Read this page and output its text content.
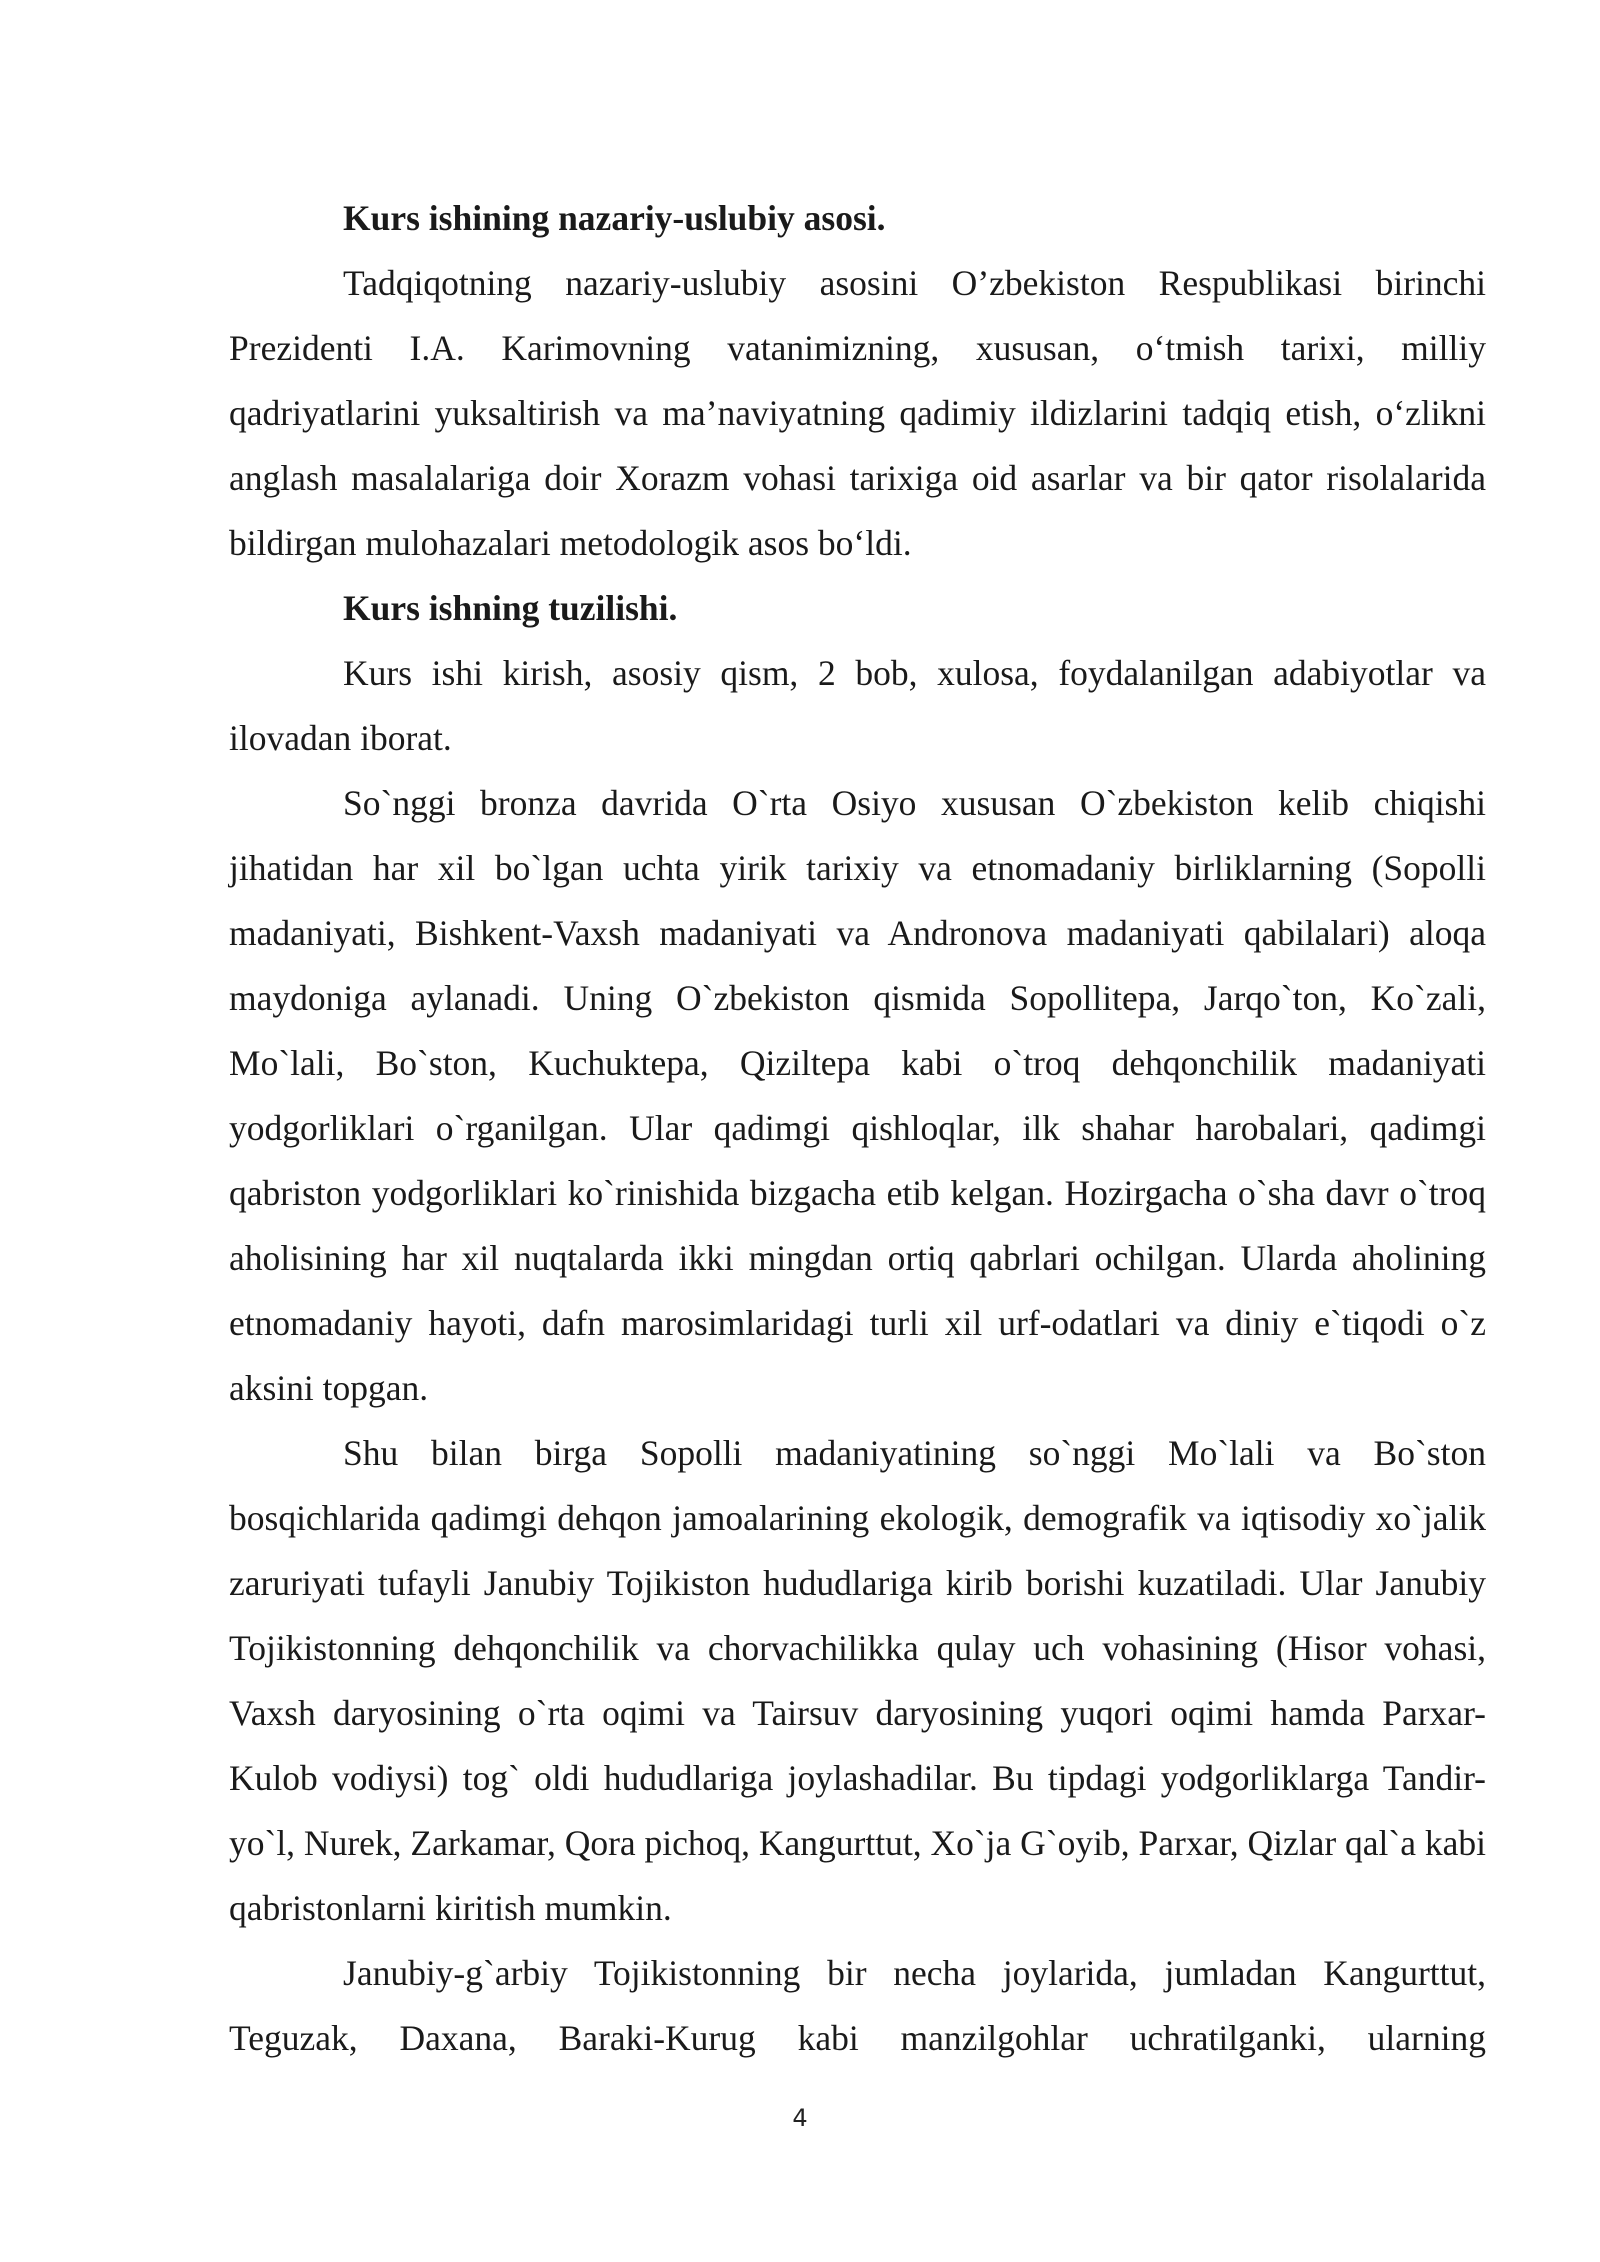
Kurs ishining nazariy-uslubiy asosi.

Tadqiqotning nazariy-uslubiy asosini O’zbekiston Respublikasi birinchi Prezidenti I.A. Karimovning vatanimizning, xususan, o‘tmish tarixi, milliy qadriyatlarini yuksaltirish va ma’naviyatning qadimiy ildizlarini tadqiq etish, o‘zlikni anglash masalalariga doir Xorazm vohasi tarixiga oid asarlar va bir qator risolalarida bildirgan mulohazalari metodologik asos bo‘ldi.

Kurs ishning tuzilishi.

Kurs ishi kirish, asosiy qism, 2 bob, xulosa, foydalanilgan adabiyotlar va ilovadan iborat.

So`nggi bronza davrida O`rta Osiyo xususan O`zbekiston kelib chiqishi jihatidan har xil bo`lgan uchta yirik tarixiy va etnomadaniy birliklarning (Sopolli madaniyati, Bishkent-Vaxsh madaniyati va Andronova madaniyati qabilalari) aloqa maydoniga aylanadi. Uning O`zbekiston qismida Sopollitepa, Jarqo`ton, Ko`zali, Mo`lali, Bo`ston, Kuchuktepa, Qiziltepa kabi o`troq dehqonchilik madaniyati yodgorliklari o`rganilgan. Ular qadimgi qishloqlar, ilk shahar harobalari, qadimgi qabriston yodgorliklari ko`rinishida bizgacha etib kelgan. Hozirgacha o`sha davr o`troq aholisining har xil nuqtalarda ikki mingdan ortiq qabrlari ochilgan. Ularda aholining etnomadaniy hayoti, dafn marosimlaridagi turli xil urf-odatlari va diniy e`tiqodi o`z aksini topgan.

Shu bilan birga Sopolli madaniyatining so`nggi Mo`lali va Bo`ston bosqichlarida qadimgi dehqon jamoalarining ekologik, demografik va iqtisodiy xo`jalik zaruriyati tufayli Janubiy Tojikiston hududlariga kirib borishi kuzatiladi. Ular Janubiy Tojikistonning dehqonchilik va chorvachilikka qulay uch vohasining (Hisor vohasi, Vaxsh daryosining o`rta oqimi va Tairsuv daryosining yuqori oqimi hamda Parxar-Kulob vodiysi) tog` oldi hududlariga joylashadilar. Bu tipdagi yodgorliklarga Tandir-yo`l, Nurek, Zarkamar, Qora pichoq, Kangurttut, Xo`ja G`oyib, Parxar, Qizlar qal`a kabi qabristonlarni kiritish mumkin.

Janubiy-g`arbiy Tojikistonning bir necha joylarida, jumladan Kangurttut, Teguzak, Daxana, Baraki-Kurug kabi manzilgohlar uchratilganki, ularning

4
